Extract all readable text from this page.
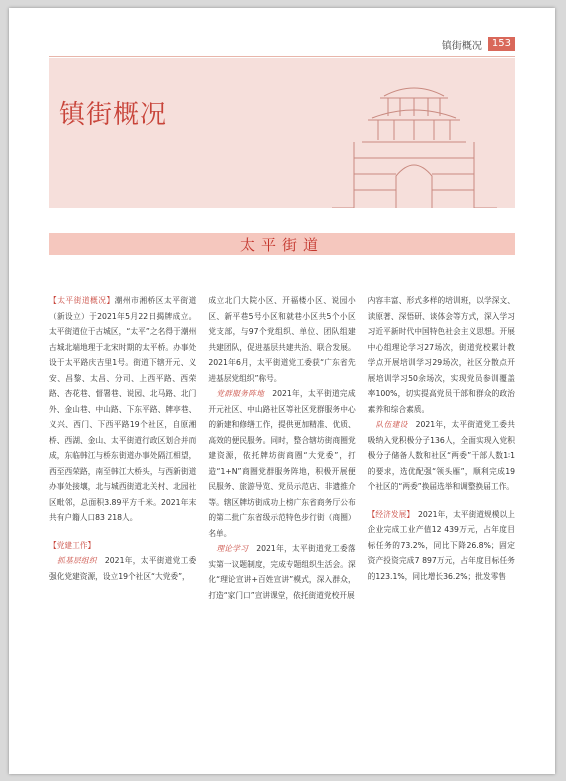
镇街概况	153
镇街概况
太平街道

【太平街道概况】潮州市湘桥区太平街道（新设立）于2021年5月22日揭牌成立。太平街道位于古城区，“太平”之名得于潮州古城北端地理于北宋时期的太平桥。办事处设于太平路庆吉里1号。街道下辖开元、义安、昌黎、太昌、分司、上西平路、西荣路、杏花巷、督署巷、说园、北马路、北门外、金山巷、中山路、下东平路、牌亭巷、义兴、西门、下西平路19个社区，自原湘桥、西湖、金山、太平街道行政区划合并而成，东临韩江与桥东街道办事处隔江相望，西至西荣路，南至韩江大桥头，与西新街道办事处接壤，北与城西街道北关村、北园社区毗邻，总面积3.89平方千米。2021年末共有户籍人口83 218人。

【党建工作】

　抓基层组织　 2021年，太平街道党工委强化党建资源，设立19个社区“大党委”，

成立北门大院小区、开福楼小区、说园小区、新平巷5号小区和就巷小区共5个小区党支部，与97个党组织、单位、团队组建共建团队，促进基层共建共治、联合发展。2021年6月，太平街道党工委获“广东省先进基层党组织”称号。

　党群服务阵地　 2021年，太平街道完成开元社区、中山路社区等社区党群服务中心的新建和修缮工作，提供更加精准、优质、高效的便民服务。同时，整合辖坊街商圈党建资源，依托牌坊街商圈“大党委”，打造“1+N”商圈党群服务阵地，积极开展便民服务、旅游导览、党员示范店、非遗推介等。辖区牌坊街成功上榜广东省商务厅公布的第二批广东省级示范特色步行街（商圈）名单。

　理论学习　 2021年，太平街道党工委落实第一议题制度，完成专题组织生活会。深化“理论宣讲+百姓宣讲”模式，深入群众，打造“家门口”宣讲课堂，依托街道党校开展

内容丰富、形式多样的培训班，以学深文、读原著、深悟研、谈体会等方式，深入学习习近平新时代中国特色社会主义思想。开展中心组理论学习27场次，街道党校累计教学点开展培训学习29场次，社区分散点开展培训学习50余场次，实现党员参训覆盖率100%，切实提高党员干部和群众的政治素养和综合素质。

　队伍建设　 2021年，太平街道党工委共吸纳入党积极分子136人，全面实现入党积极分子储备人数和社区“两委”干部人数1∶1的要求，选优配强“领头雁”，顺利完成19个社区的“两委”换届选举和调整换届工作。

【经济发展】　 2021年，太平街道规模以上企业完成工业产值12 439万元，占年度目标任务的73.2%，同比下降26.8%；固定资产投资完成7 897万元，占年度目标任务的123.1%，同比增长36.2%；批发零售
